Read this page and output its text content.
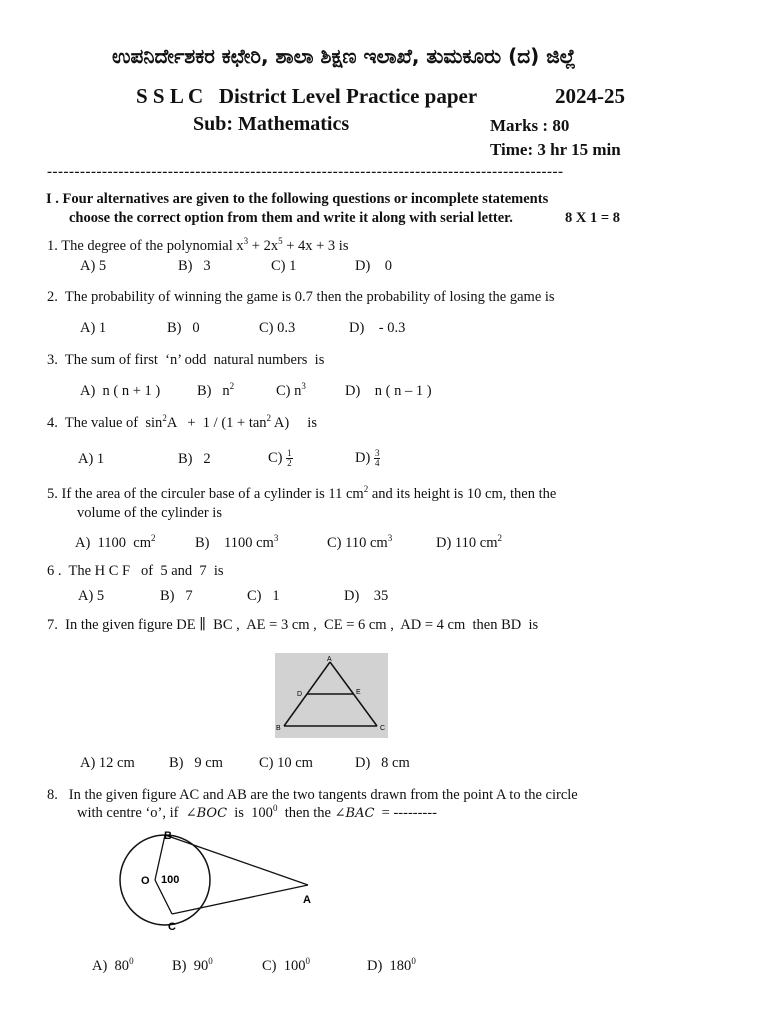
ಉಪನಿರ್ದೇಶಕರ ಕಛೇರಿ, ಶಾಲಾ ಶಿಕ್ಷಣ ಇಲಾಖೆ, ತುಮಕೂರು (ದ) ಜಿಲ್ಲೆ
S S L C   District Level Practice paper	2024-25
Sub: Mathematics	Marks : 80
Time: 3 hr 15 min
----------------------------------------------------------------------------------------------
I . Four alternatives are given to the following questions or incomplete statements
choose the correct option from them and write it along with serial letter.	8 X 1 = 8
1. The degree of the polynomial $x^3 + 2x^5 + 4x + 3$ is
A) 5	B)   3	C) 1	D)    0
2.  The probability of winning the game is 0.7 then the probability of losing the game is
A) 1	B)   0	C) 0.3	D)    - 0.3
3.  The sum of first  ‘n’ odd  natural numbers  is
A)  n ( n + 1 )	B)   $n^2$	C) $n^3$	D)    n ( n – 1 )
4.  The value of  $\sin^2A + 1 / (1 + \tan^2 A)$     is
A) 1	B)   2	$C) \frac{1}{2}$	$D) \frac{3}{4}$
5. If the area of the circuler base of a cylinder is 11 $cm^2$ and its height is 10 cm, then the
volume of the cylinder is
A)  1100  $cm^2$	B)    1100 $cm^3$	C) 110 $cm^3$	D) 110 $cm^2$
6 .  The H C F   of  5 and  7  is
A) 5	B)   7	C)   1	D)    35
7.  In the given figure DE ∥  BC ,  AE = 3 cm ,  CE = 6 cm ,  AD = 4 cm  then BD  is
A
D	E
B	C
A) 12 cm B)   9 cm C) 10 cm	D)   8 cm
8.   In the given figure AC and AB are the two tangents drawn from the point A to the circle
with centre ‘o’, if  ∠BOC  is  $100^0$  then the ∠BAC  = ---------
B
O 100
A
C
A)  $80^0$	B)  $90^0$	C)  $100^0$	D)  $180^0$
